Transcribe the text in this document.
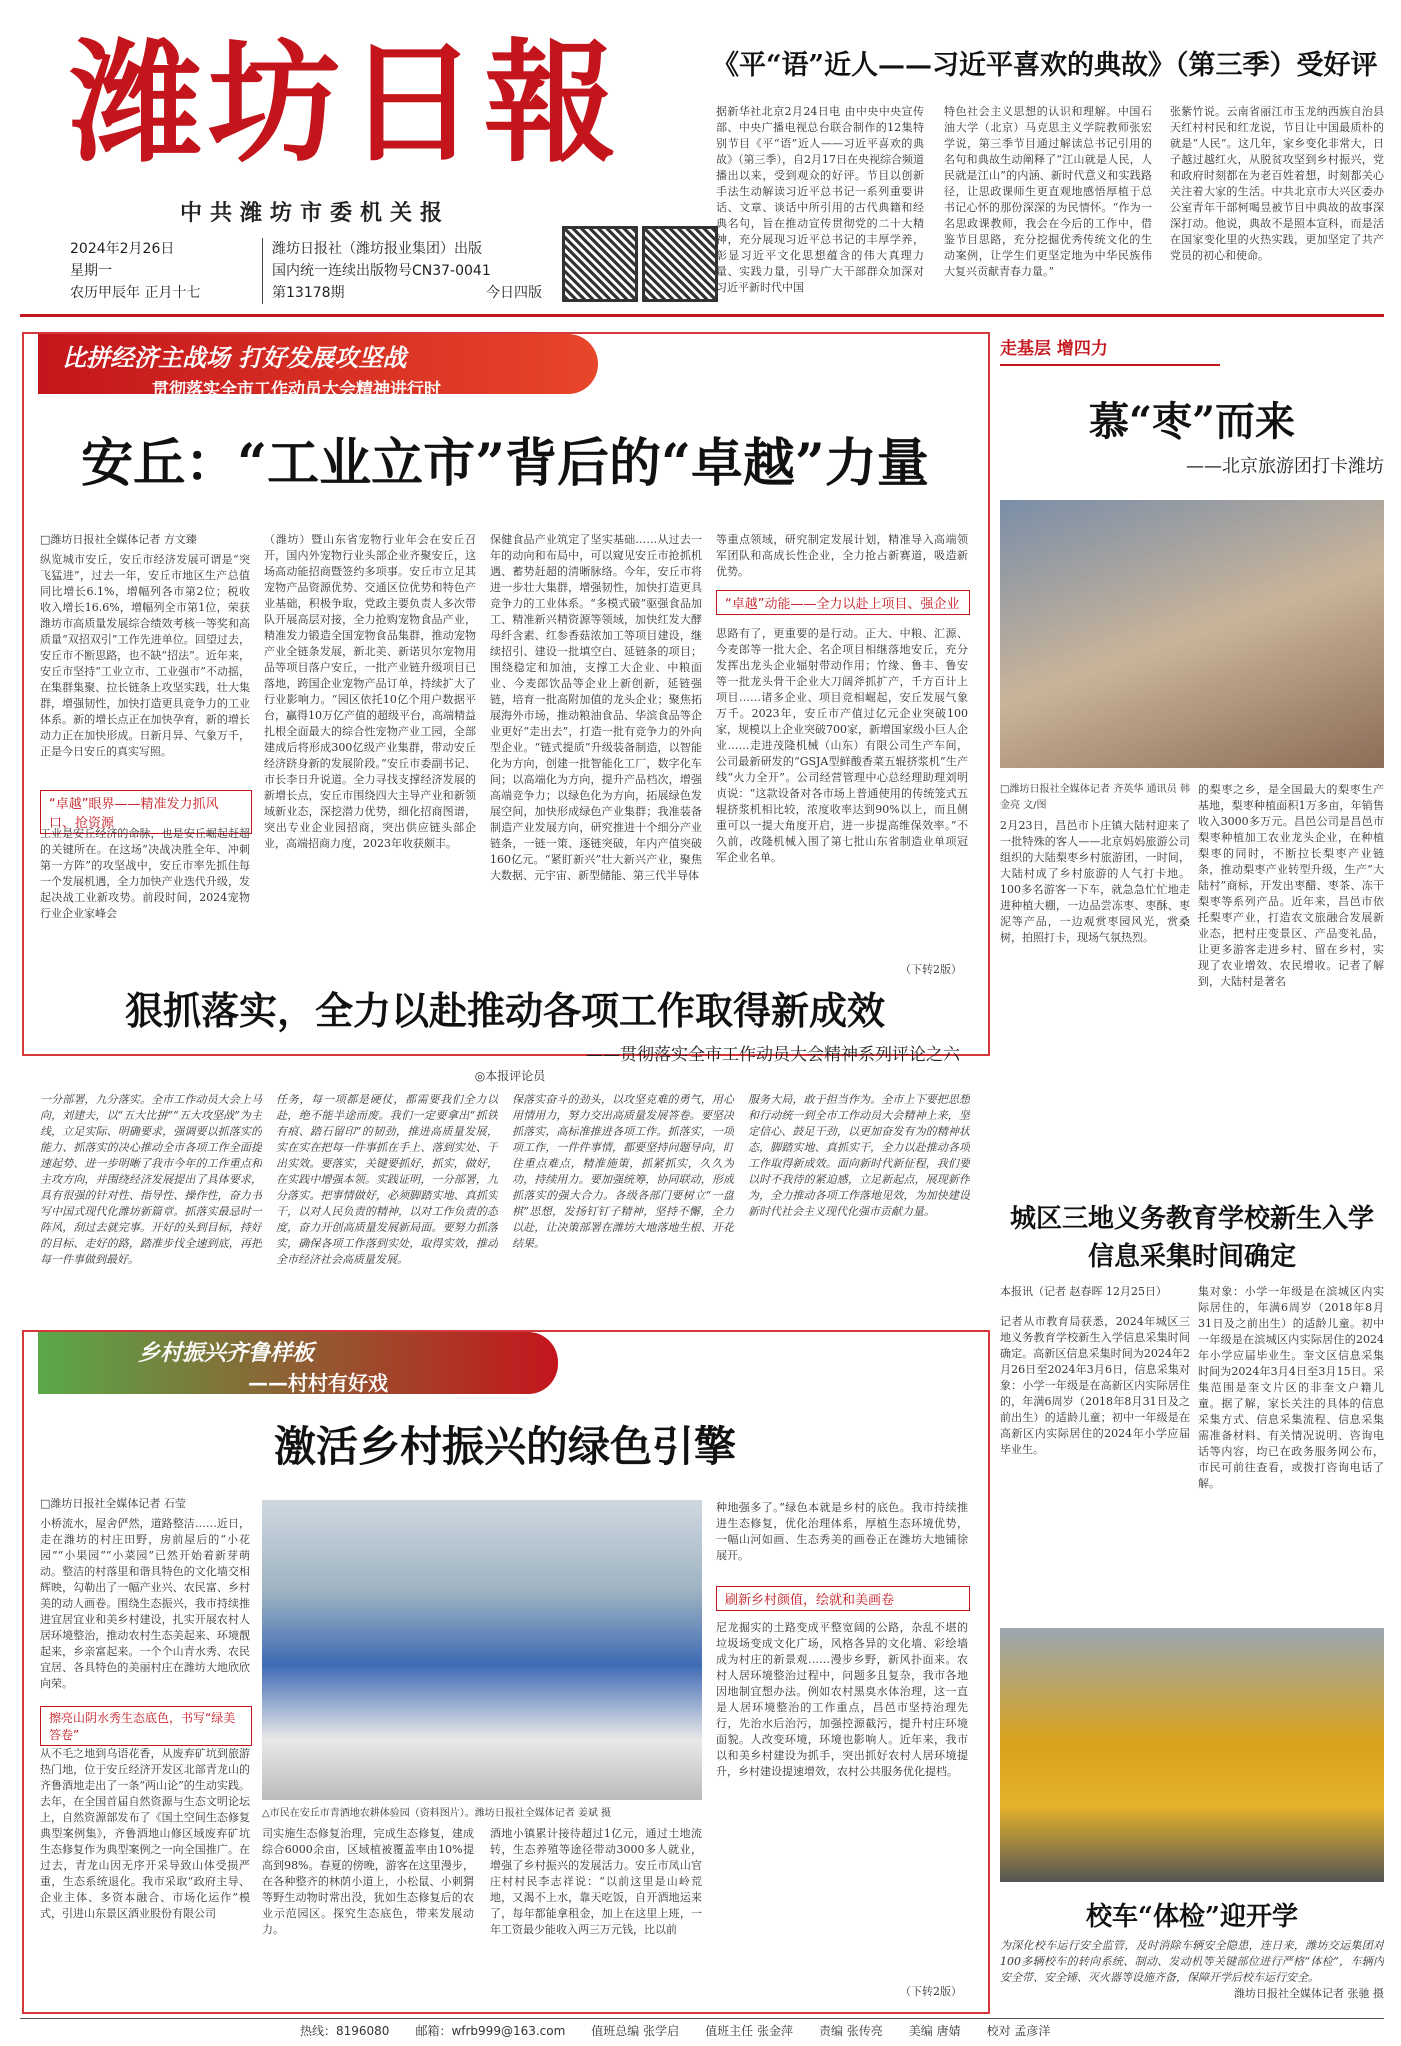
潍坊日報
中共潍坊市委机关报
2024年2月26日
星期一
农历甲辰年 正月十七
潍坊日报社（潍坊报业集团）出版
国内统一连续出版物号CN37-0041
第13178期	今日四版
《平“语”近人——习近平喜欢的典故》（第三季）受好评
据新华社北京2月24日电 由中央中央宣传部、中央广播电视总台联合制作的12集特别节目《平“语”近人——习近平喜欢的典故》（第三季），自2月17日在央视综合频道播出以来，受到观众的好评。节目以创新手法生动解读习近平总书记一系列重要讲话、文章、谈话中所引用的古代典籍和经典名句，旨在推动宣传贯彻党的二十大精神，充分展现习近平总书记的丰厚学养，彰显习近平文化思想蕴含的伟大真理力量、实践力量，引导广大干部群众加深对习近平新时代中国
特色社会主义思想的认识和理解。中国石油大学（北京）马克思主义学院教师张宏学说，第三季节目通过解读总书记引用的名句和典故生动阐释了“江山就是人民，人民就是江山”的内涵、新时代意义和实践路径，让思政课师生更直观地感悟厚植于总书记心怀的那份深深的为民情怀。“作为一名思政课教师，我会在今后的工作中，借鉴节目思路，充分挖掘优秀传统文化的生动案例，让学生们更坚定地为中华民族伟大复兴贡献青春力量。”
张紫竹说。云南省丽江市玉龙纳西族自治县天红村村民和红龙说，节目让中国最质朴的就是“人民”。这几年，家乡变化非常大，日子越过越红火，从脱贫攻坚到乡村振兴，党和政府时刻都在为老百姓着想，时刻都关心关注着大家的生活。中共北京市大兴区委办公室青年干部柯喝昱被节目中典故的故事深深打动。他说，典故不是照本宣科，而是活在国家变化里的火热实践，更加坚定了共产党员的初心和使命。
比拼经济主战场 打好发展攻坚战
贯彻落实全市工作动员大会精神进行时
安丘：“工业立市”背后的“卓越”力量
□潍坊日报社全媒体记者 方文臻
纵览城市安丘，安丘市经济发展可谓是“突飞猛进”，过去一年，安丘市地区生产总值同比增长6.1%，增幅列各市第2位；税收收入增长16.6%，增幅列全市第1位，荣获潍坊市高质量发展综合绩效考核一等奖和高质量“双招双引”工作先进单位。回望过去，安丘市不断思路，也不缺“招法”。近年来，安丘市坚持“工业立市、工业强市”不动摇，在集群集聚、拉长链条上攻坚实践，壮大集群，增强韧性，加快打造更具竞争力的工业体系。新的增长点正在加快孕育，新的增长动力正在加快形成。日新月异、气象万千，正是今日安丘的真实写照。
“卓越”眼界——精准发力抓风口、抢资源
工业是安丘经济的命脉，也是安丘崛起赶超的关键所在。在这场“决战决胜全年、冲刺第一方阵”的攻坚战中，安丘市率先抓住每一个发展机遇，全力加快产业迭代升级，发起决战工业新攻势。前段时间，2024宠物行业企业家峰会
（潍坊）暨山东省宠物行业年会在安丘召开，国内外宠物行业头部企业齐聚安丘，这场高动能招商暨签约多项事。安丘市立足其宠物产品资源优势、交通区位优势和特色产业基础，积极争取，党政主要负责人多次带队开展高层对接，全力抢购宠物食品产业，精准发力锻造全国宠物食品集群，推动宠物产业全链条发展，新北美、新诺贝尔宠物用品等项目落户安丘，一批产业链升级项目已落地，跨国企业宠物产品订单，持续扩大了行业影响力。“园区依托10亿个用户数据平台，贏得10万亿产值的超级平台，高端精益扎根全面最大的综合性宠物产业工园，全部建成后将形成300亿级产业集群，带动安丘经济跻身新的发展阶段。”安丘市委副书记、市长李日升说道。全力寻找支撑经济发展的新增长点，安丘市围绕四大主导产业和新领域新业态，深挖潜力优势，细化招商图谱，突出专业企业园招商，突出供应链头部企业，高端招商力度，2023年收获颇丰。
保健食品产业筑定了坚实基础……从过去一年的动向和布局中，可以窥见安丘市抢抓机遇、蓄势赶超的清晰脉络。今年，安丘市将进一步壮大集群，增强韧性，加快打造更具竞争力的工业体系。“多模式破”驱强食品加工、精准新兴精资源等领域，加快红发大酵母纤含素、红参香菇浓加工等项目建设，继续招引、建设一批填空白、延链条的项目；围绕稳定和加油，支撑工大企业、中粮面业、今麦郎饮品等企业上新创新，延链强链，培育一批高附加值的龙头企业；聚焦拓展海外市场，推动粮油食品、华滨食品等企业更好“走出去”，打造一批有竞争力的外向型企业。“链式提质”升级装备制造，以智能化为方向，创建一批智能化工厂，数字化车间；以高端化为方向，提升产品档次，增强高端竞争力；以绿色化为方向，拓展绿色发展空间，加快形成绿色产业集群；我准装备制造产业发展方向，研究推进十个细分产业链条，一链一策、逐链突破，年内产值突破160亿元。“紧盯新兴”壮大新兴产业，聚焦大数据、元宇宙、新型储能、第三代半导体
等重点领域，研究制定发展计划，精准导入高端领军团队和高成长性企业，全力抢占新赛道，吸造新优势。
“卓越”动能——全力以赴上项目、强企业
思路有了，更重要的是行动。正大、中粮、汇源、今麦郎等一批大企、名企项目相继落地安丘，充分发挥出龙头企业辐射带动作用；竹缘、鲁丰、鲁安等一批龙头骨干企业大刀阔斧抓扩产，千方百计上项目……诸多企业、项目竞相崛起，安丘发展气象万千。2023年，安丘市产值过亿元企业突破100家，规模以上企业突破700家，新增国家级小巨人企业……走进茂隆机械（山东）有限公司生产车间，公司最新研发的“GSJA型鲜酸香菜五辊挤浆机”生产线“火力全开”。公司经营管理中心总经理助理刘明贞说：“这款设备对各市场上普通使用的传统笼式五辊挤浆机相比较，浓度收率达到90%以上，而且侧重可以一提大角度开启，进一步提高维保效率。”不久前，改隆机械入围了第七批山东省制造业单项冠军企业名单。
（下转2版）
狠抓落实，全力以赴推动各项工作取得新成效
——贯彻落实全市工作动员大会精神系列评论之六
◎本报评论员
一分部署，九分落实。全市工作动员大会上马向，刘建夫，以“五大比拼”“五大攻坚战”为主线，立足实际、明确要求，强调要以抓落实的能力、抓落实的决心推动全市各项工作全面提速起势、进一步明晰了我市今年的工作重点和主攻方向，并围绕经济发展提出了具体要求，具有很强的针对性、指导性、操作性，奋力书写中国式现代化潍坊新篇章。抓落实最忌时一阵风，刮过去就完事。开好的头到目标，持好的目标、走好的路，踏准步伐全速到底，再把每一件事做到最好。
任务，每一项都是硬仗，都需要我们全力以赴，绝不能半途而废。我们一定要拿出“抓铁有痕、踏石留印”的韧劲，推进高质量发展，实在实在把每一件事抓在手上、落到实处、干出实效。要落实，关键要抓好，抓实，做好，在实践中增强本领。实践证明，一分部署，九分落实。把事情做好，必须脚踏实地、真抓实干，以对人民负责的精神，以对工作负责的态度，奋力开创高质量发展新局面。要努力抓落实，确保各项工作落到实处，取得实效，推动全市经济社会高质量发展。
保落实奋斗的劲头，以攻坚克难的勇气，用心用情用力，努力交出高质量发展答卷。要坚决抓落实，高标准推进各项工作。抓落实，一项项工作，一件件事情，都要坚持问题导向，盯住重点难点，精准施策，抓紧抓实，久久为功，持续用力。要加强统筹，协同联动，形成抓落实的强大合力。各级各部门要树立“一盘棋”思想，发扬钉钉子精神，坚持不懈，全力以赴，让决策部署在潍坊大地落地生根、开花结果。
服务大局，敢于担当作为。全市上下要把思想和行动统一到全市工作动员大会精神上来，坚定信心、鼓足干劲，以更加奋发有为的精神状态，脚踏实地、真抓实干，全力以赴推动各项工作取得新成效。面向新时代新征程，我们要以时不我待的紧迫感，立足新起点，展现新作为，全力推动各项工作落地见效，为加快建设新时代社会主义现代化强市贡献力量。
走基层 增四力
慕“枣”而来
——北京旅游团打卡潍坊
□潍坊日报社全媒体记者 齐英华 通讯员 韩金亮 文/图
2月23日，昌邑市卜庄镇大陆村迎来了一批特殊的客人——北京妈妈旅游公司组织的大陆梨枣乡村旅游团，一时间，大陆村成了乡村旅游的人气打卡地。100多名游客一下车，就急急忙忙地走进种植大棚，一边品尝冻枣、枣酥、枣泥等产品，一边观赏枣园风光，赏桑树，拍照打卡，现场气氛热烈。
的梨枣之乡，是全国最大的梨枣生产基地，梨枣种植面积1万多亩，年销售收入3000多万元。昌邑公司是昌邑市梨枣种植加工农业龙头企业，在种植梨枣的同时，不断拉长梨枣产业链条，推动梨枣产业转型升级，生产“大陆村”商标，开发出枣醋、枣茶、冻干梨枣等系列产品。近年来，昌邑市依托梨枣产业，打造农文旅融合发展新业态，把村庄变景区、产品变礼品，让更多游客走进乡村、留在乡村，实现了农业增效、农民增收。记者了解到，大陆村是著名
城区三地义务教育学校新生入学信息采集时间确定
本报讯（记者 赵春晖 12月25日）
记者从市教育局获悉，2024年城区三地义务教育学校新生入学信息采集时间确定。高新区信息采集时间为2024年2月26日至2024年3月6日，信息采集对象：小学一年级是在高新区内实际居住的，年满6周岁（2018年8月31日及之前出生）的适龄儿童；初中一年级是在高新区内实际居住的2024年小学应届毕业生。
集对象：小学一年级是在滨城区内实际居住的，年满6周岁（2018年8月31日及之前出生）的适龄儿童。初中一年级是在滨城区内实际居住的2024年小学应届毕业生。奎文区信息采集时间为2024年3月4日至3月15日。采集范围是奎文片区的非奎文户籍儿童。据了解，家长关注的具体的信息采集方式、信息采集流程、信息采集需准备材料、有关情况说明、咨询电话等内容，均已在政务服务网公布，市民可前往查看，或拨打咨询电话了解。
校车“体检”迎开学
为深化校车运行安全监管，及时消除车辆安全隐患，连日来，潍坊交运集团对100多辆校车的转向系统、制动、发动机等关键部位进行严格“体检”，车辆内安全带、安全锤、灭火器等设施齐备，保障开学后校车运行安全。
潍坊日报社全媒体记者 张驰 摄
乡村振兴齐鲁样板
——村村有好戏
激活乡村振兴的绿色引擎
□潍坊日报社全媒体记者 石莹
小桥流水，屋舍俨然，道路整洁……近日，走在潍坊的村庄田野，房前屋后的“小花园”“小果园”“小菜园”已然开始着新芽萌动。整洁的村落里和谐具特色的文化墙交相辉映，勾勒出了一幅产业兴、农民富、乡村美的动人画卷。围绕生态振兴，我市持续推进宜居宜业和美乡村建设，扎实开展农村人居环境整治，推动农村生态美起来、环境靓起来，乡亲富起来。一个个山青水秀、农民宜居、各具特色的美丽村庄在潍坊大地欣欣向荣。
擦亮山阴水秀生态底色，书写“绿美答卷”
从不毛之地到乌语花香，从废弃矿坑到旅游热门地，位于安丘经济开发区北部青龙山的齐鲁酒地走出了一条“两山论”的生动实践。去年，在全国首届自然资源与生态文明论坛上，自然资源部发布了《国土空间生态修复典型案例集》，齐鲁酒地山修区域废弃矿坑生态修复作为典型案例之一向全国推广。在过去，青龙山因无序开采导致山体受损严重，生态系统退化。我市采取“政府主导、企业主体、多资本融合、市场化运作”模式，引进山东景区酒业股份有限公司
△市民在安丘市青酒地农耕体验园（资料图片）。潍坊日报社全媒体记者 姜斌 摄
司实施生态修复治理，完成生态修复，建成综合6000余亩，区域植被覆盖率由10%提高到98%。春夏的傍晚，游客在这里漫步，在各种整齐的林荫小道上，小松鼠、小刺猬等野生动物时常出没，犹如生态修复后的农业示范园区。探究生态底色，带来发展动力。
酒地小镇累计接待超过1亿元，通过土地流转，生态养殖等途径带动3000多人就业，增强了乡村振兴的发展活力。安丘市凤山官庄村村民李志祥说：“以前这里是山岭荒地，又渴不上水，靠天吃饭，自开酒地运来了，每年都能拿租金，加上在这里上班，一年工资最少能收入两三万元钱，比以前
种地强多了。”绿色本就是乡村的底色。我市持续推进生态修复，优化治理体系，厚植生态环境优势，一幅山河如画、生态秀美的画卷正在潍坊大地铺徐展开。
刷新乡村颜值，绘就和美画卷
尼龙掘实的土路变成平整宽阔的公路，杂乱不堪的垃圾场变成文化广场，风格各异的文化墙、彩绘墙成为村庄的新景观……漫步乡野，新风扑面来。农村人居环境整治过程中，问题多且复杂，我市各地因地制宜想办法。例如农村黑臭水体治理，这一直是人居环境整治的工作重点，昌邑市坚持治理先行，先治水后治污，加强控源截污，提升村庄环境面貌。人改变环境，环境也影响人。近年来，我市以和美乡村建设为抓手，突出抓好农村人居环境提升，乡村建设提速增效，农村公共服务优化提档。
（下转2版）
热线：8196080 邮箱：wfrb999@163.com 值班总编 张学启 值班主任 张金萍 责编 张传亮 美编 唐婧 校对 孟彦洋
